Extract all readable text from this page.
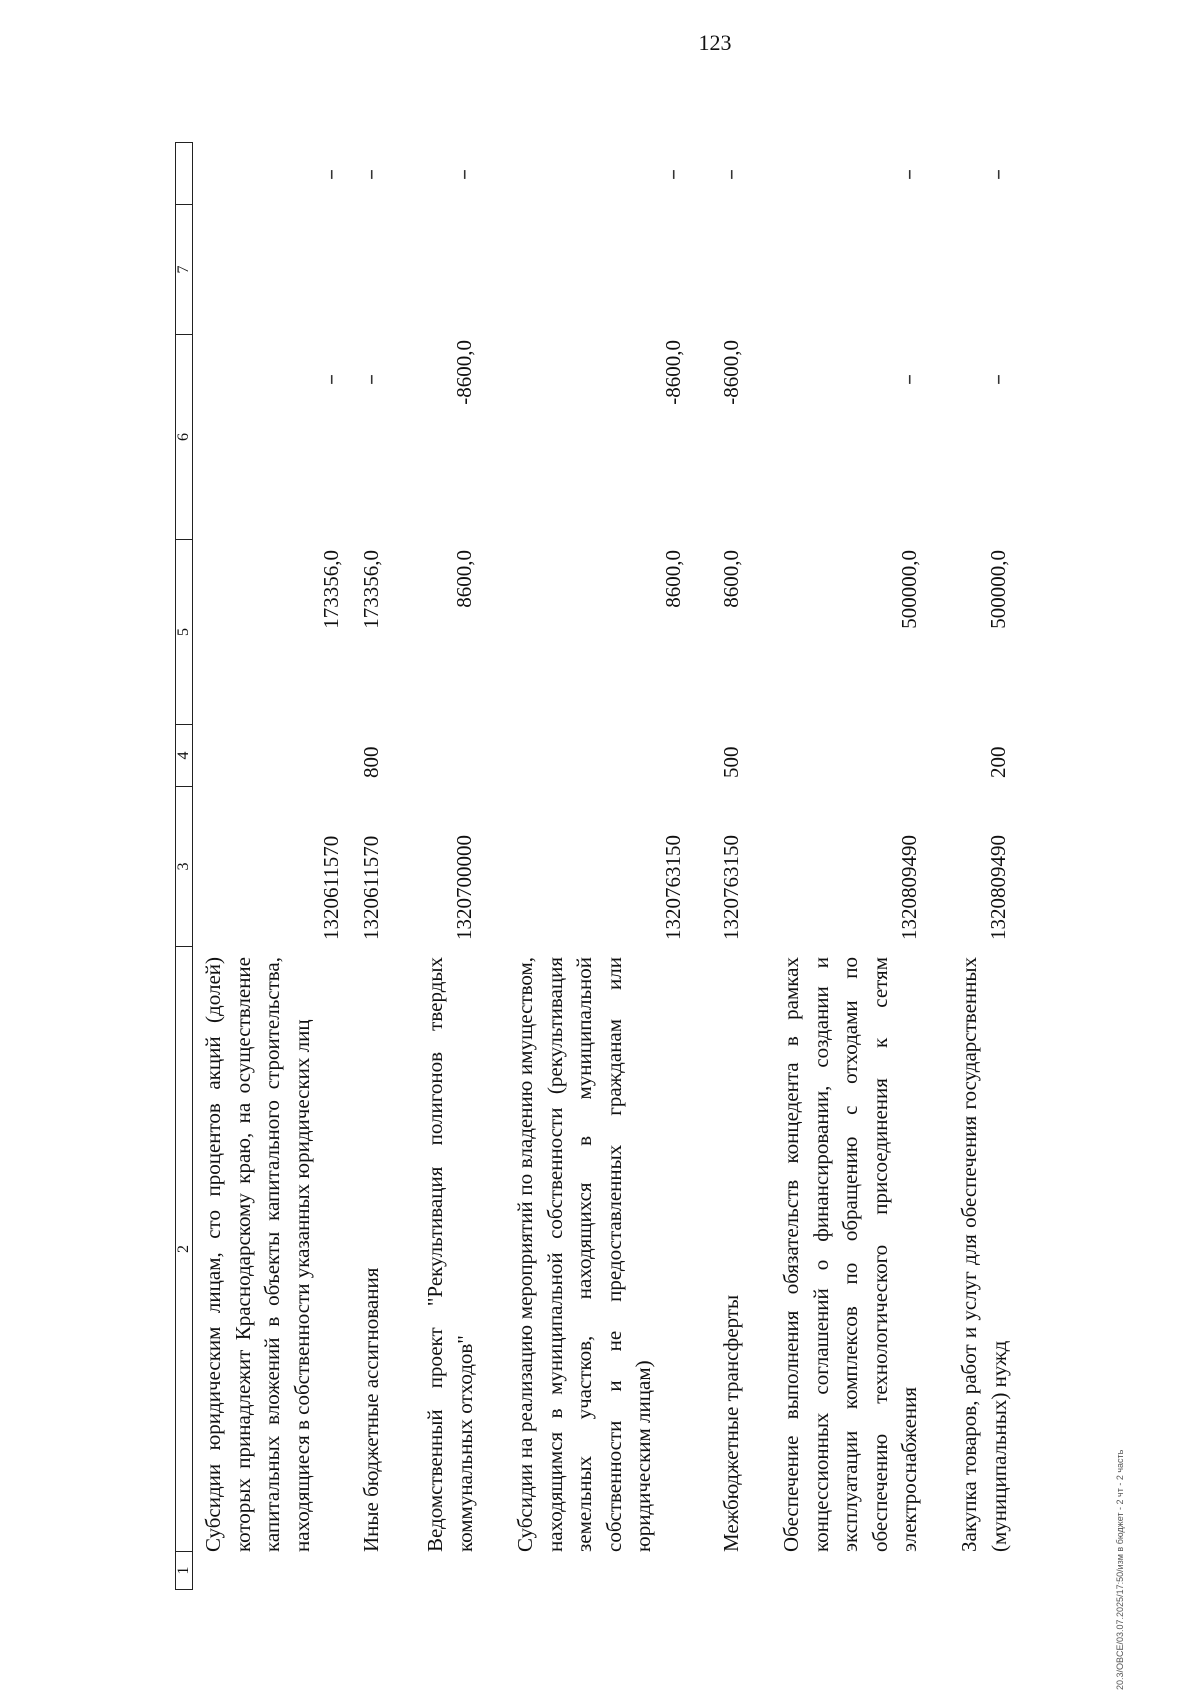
123
1
2
3
4
5
6
7
Субсидии юридическим лицам, сто процентов акций (долей) которых принадлежит Краснодарскому краю, на осуществление капитальных вложений в объекты капитального строительства, находящиеся в собственности указанных юридических лиц
1320611570
173356,0
–
–
Иные бюджетные ассигнования
1320611570
800
173356,0
–
–
Ведомственный проект "Рекультивация полигонов твердых коммунальных отходов"
1320700000
8600,0
-8600,0
–
Субсидии на реализацию мероприятий по владению имуществом, находящимся в муниципальной собственности (рекультивация земельных участков, находящихся в муниципальной собственности и не предоставленных гражданам или юридическим лицам)
1320763150
8600,0
-8600,0
–
Межбюджетные трансферты
1320763150
500
8600,0
-8600,0
–
Обеспечение выполнения обязательств концедента в рамках концессионных соглашений о финансировании, создании и эксплуатации комплексов по обращению с отходами по обеспечению технологического присоединения к сетям электроснабжения
1320809490
500000,0
–
–
Закупка товаров, работ и услуг для обеспечения государственных (муниципальных) нужд
1320809490
200
500000,0
–
–
20.3/OBCE/03.07.2025/17:50/изм в бюджет - 2 чт - 2 часть
